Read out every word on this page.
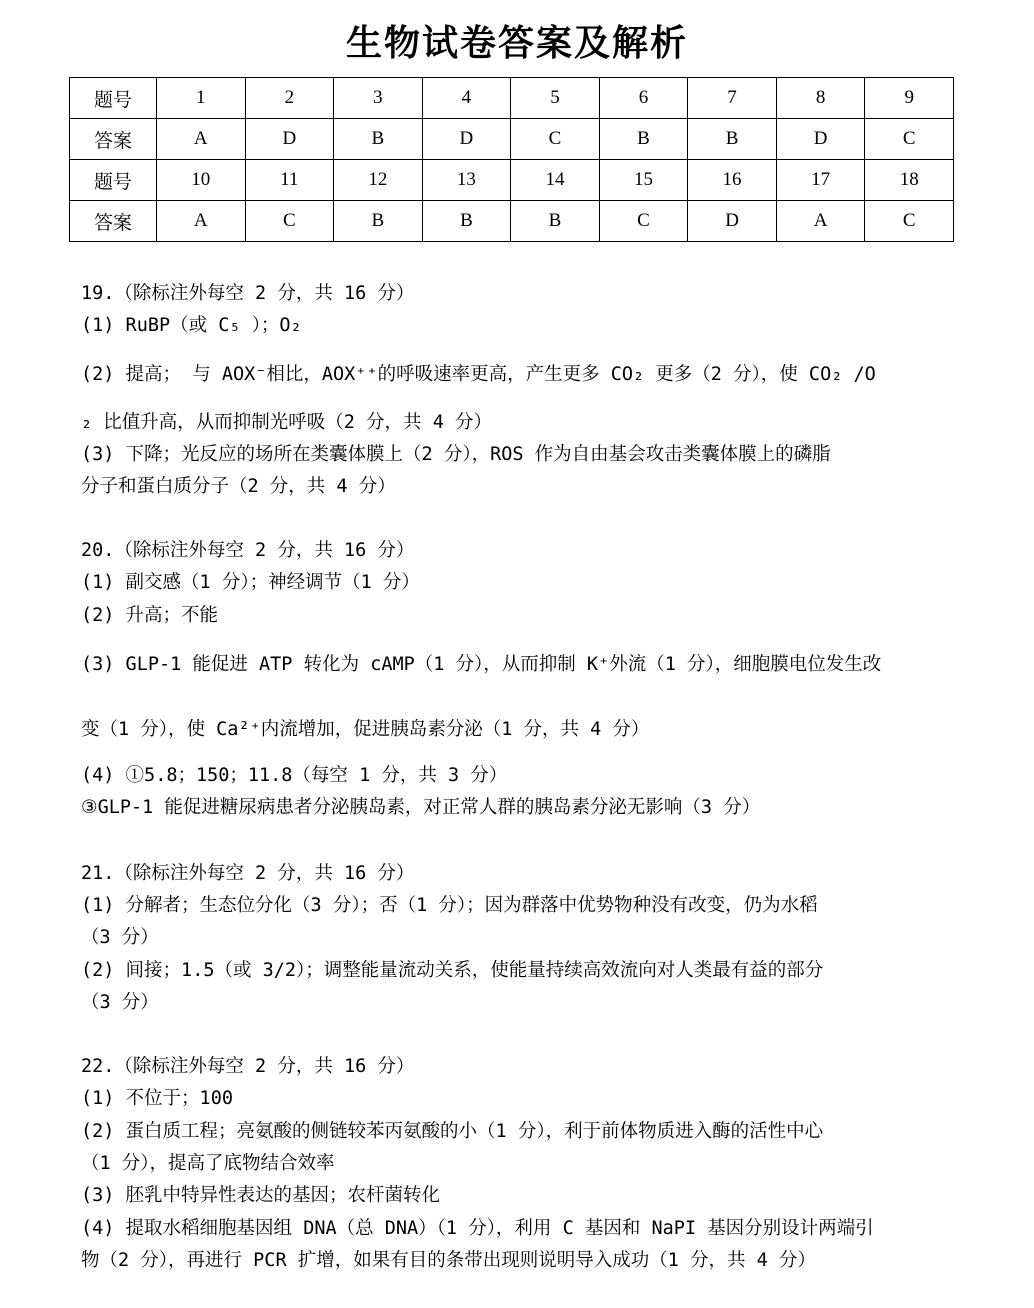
生物试卷答案及解析
题号	1	2	3	4	5	6	7	8	9
答案	A	D	B	D	C	B	B	D	C
题号	10	11	12	13	14	15	16	17	18
答案	A	C	B	B	B	C	D	A	C
19.（除标注外每空 2 分，共 16 分）
(1) RuBP（或 C₅ ）；O₂
(2) 提高； 与 AOX⁻相比，AOX⁺⁺的呼吸速率更高，产生更多 CO₂ 更多（2 分），使 CO₂ /O
₂ 比值升高，从而抑制光呼吸（2 分，共 4 分）
(3) 下降；光反应的场所在类囊体膜上（2 分），ROS 作为自由基会攻击类囊体膜上的磷脂
分子和蛋白质分子（2 分，共 4 分）
20.（除标注外每空 2 分，共 16 分）
(1) 副交感（1 分）；神经调节（1 分）
(2) 升高；不能
(3) GLP-1 能促进 ATP 转化为 cAMP（1 分），从而抑制 K⁺外流（1 分），细胞膜电位发生改
变（1 分），使 Ca²⁺内流增加，促进胰岛素分泌（1 分，共 4 分）
(4) ①5.8；150；11.8（每空 1 分，共 3 分）
③GLP-1 能促进糖尿病患者分泌胰岛素，对正常人群的胰岛素分泌无影响（3 分）
21.（除标注外每空 2 分，共 16 分）
(1) 分解者；生态位分化（3 分）；否（1 分）；因为群落中优势物种没有改变，仍为水稻
（3 分）
(2) 间接；1.5（或 3/2）；调整能量流动关系，使能量持续高效流向对人类最有益的部分
（3 分）
22.（除标注外每空 2 分，共 16 分）
(1) 不位于；100
(2) 蛋白质工程；亮氨酸的侧链较苯丙氨酸的小（1 分），利于前体物质进入酶的活性中心
（1 分），提高了底物结合效率
(3) 胚乳中特异性表达的基因；农杆菌转化
(4) 提取水稻细胞基因组 DNA（总 DNA）（1 分），利用 C 基因和 NaPI 基因分别设计两端引
物（2 分），再进行 PCR 扩增，如果有目的条带出现则说明导入成功（1 分，共 4 分）
